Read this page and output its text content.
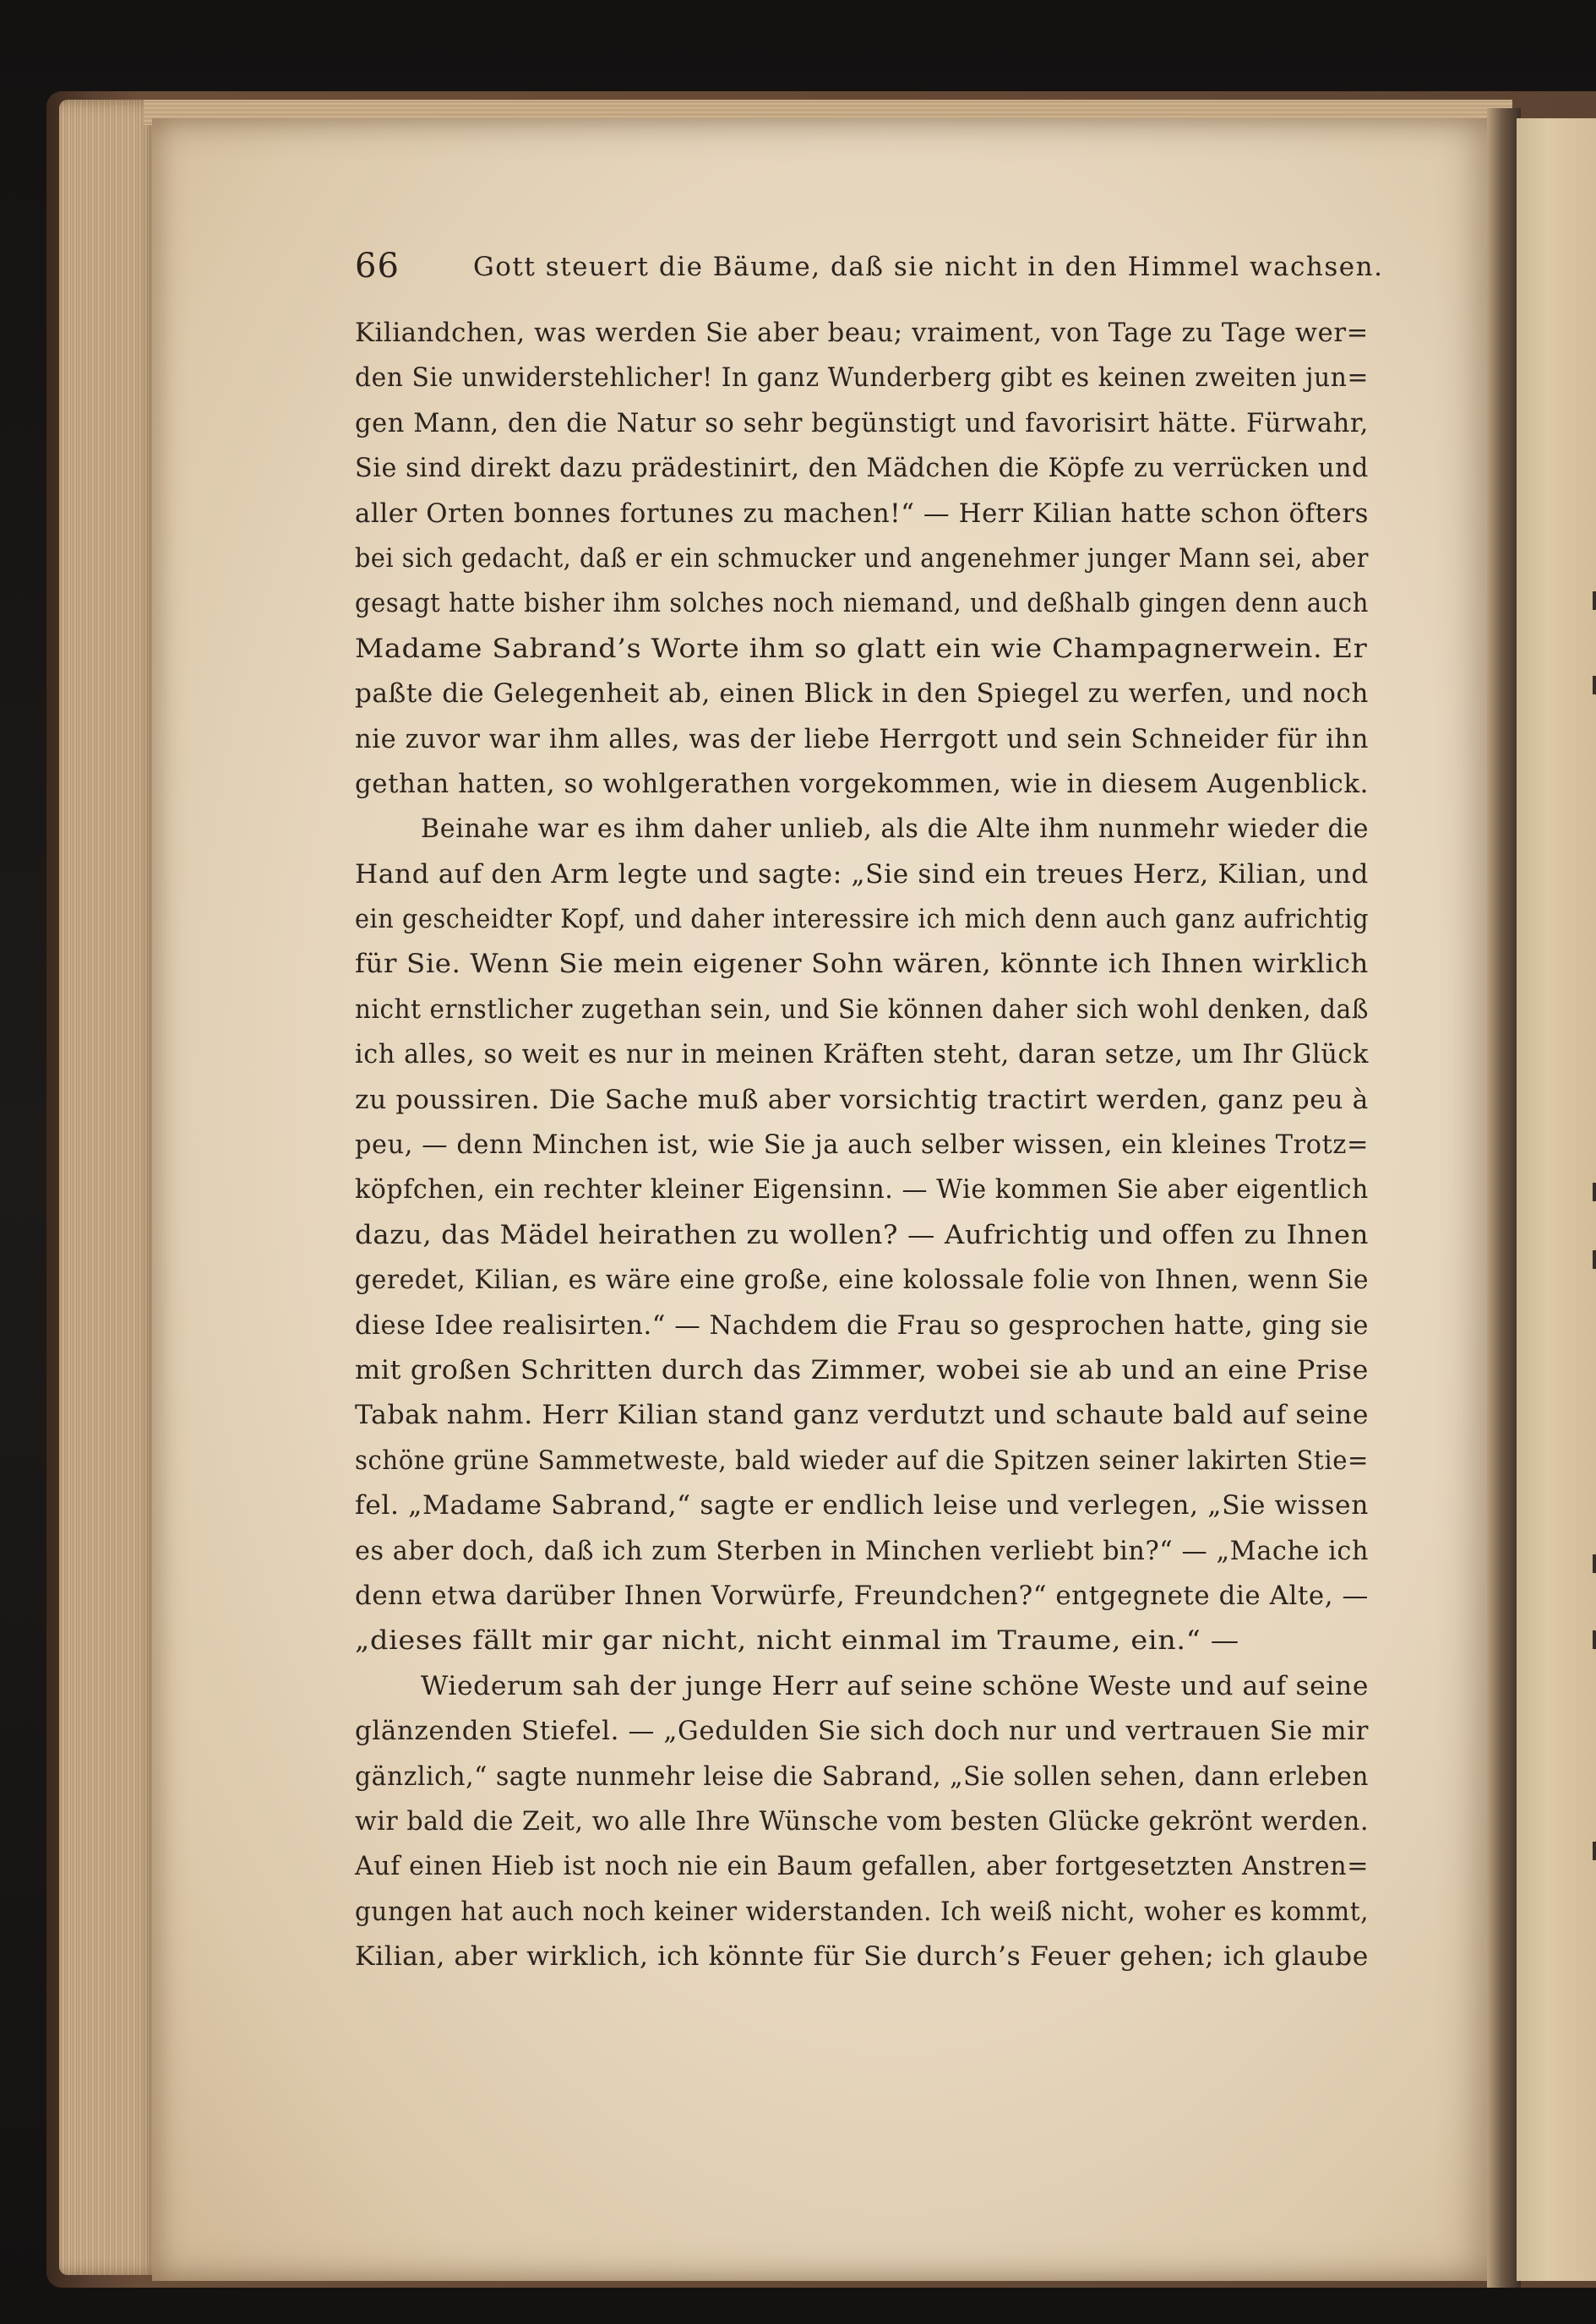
66	Gott steuert die Bäume, daß sie nicht in den Himmel wachsen.
Kiliandchen, was werden Sie aber beau; vraiment, von Tage zu Tage wer=
den Sie unwiderstehlicher! In ganz Wunderberg gibt es keinen zweiten jun=
gen Mann, den die Natur so sehr begünstigt und favorisirt hätte. Fürwahr,
Sie sind direkt dazu prädestinirt, den Mädchen die Köpfe zu verrücken und
aller Orten bonnes fortunes zu machen!“ — Herr Kilian hatte schon öfters
bei sich gedacht, daß er ein schmucker und angenehmer junger Mann sei, aber
gesagt hatte bisher ihm solches noch niemand, und deßhalb gingen denn auch
Madame Sabrand’s Worte ihm so glatt ein wie Champagnerwein. Er
paßte die Gelegenheit ab, einen Blick in den Spiegel zu werfen, und noch
nie zuvor war ihm alles, was der liebe Herrgott und sein Schneider für ihn
gethan hatten, so wohlgerathen vorgekommen, wie in diesem Augenblick.
Beinahe war es ihm daher unlieb, als die Alte ihm nunmehr wieder die
Hand auf den Arm legte und sagte: „Sie sind ein treues Herz, Kilian, und
ein gescheidter Kopf, und daher interessire ich mich denn auch ganz aufrichtig
für Sie. Wenn Sie mein eigener Sohn wären, könnte ich Ihnen wirklich
nicht ernstlicher zugethan sein, und Sie können daher sich wohl denken, daß
ich alles, so weit es nur in meinen Kräften steht, daran setze, um Ihr Glück
zu poussiren. Die Sache muß aber vorsichtig tractirt werden, ganz peu à
peu, — denn Minchen ist, wie Sie ja auch selber wissen, ein kleines Trotz=
köpfchen, ein rechter kleiner Eigensinn. — Wie kommen Sie aber eigentlich
dazu, das Mädel heirathen zu wollen? — Aufrichtig und offen zu Ihnen
geredet, Kilian, es wäre eine große, eine kolossale folie von Ihnen, wenn Sie
diese Idee realisirten.“ — Nachdem die Frau so gesprochen hatte, ging sie
mit großen Schritten durch das Zimmer, wobei sie ab und an eine Prise
Tabak nahm. Herr Kilian stand ganz verdutzt und schaute bald auf seine
schöne grüne Sammetweste, bald wieder auf die Spitzen seiner lakirten Stie=
fel. „Madame Sabrand,“ sagte er endlich leise und verlegen, „Sie wissen
es aber doch, daß ich zum Sterben in Minchen verliebt bin?“ — „Mache ich
denn etwa darüber Ihnen Vorwürfe, Freundchen?“ entgegnete die Alte, —
„dieses fällt mir gar nicht, nicht einmal im Traume, ein.“ —
Wiederum sah der junge Herr auf seine schöne Weste und auf seine
glänzenden Stiefel. — „Gedulden Sie sich doch nur und vertrauen Sie mir
gänzlich,“ sagte nunmehr leise die Sabrand, „Sie sollen sehen, dann erleben
wir bald die Zeit, wo alle Ihre Wünsche vom besten Glücke gekrönt werden.
Auf einen Hieb ist noch nie ein Baum gefallen, aber fortgesetzten Anstren=
gungen hat auch noch keiner widerstanden. Ich weiß nicht, woher es kommt,
Kilian, aber wirklich, ich könnte für Sie durch’s Feuer gehen; ich glaube
